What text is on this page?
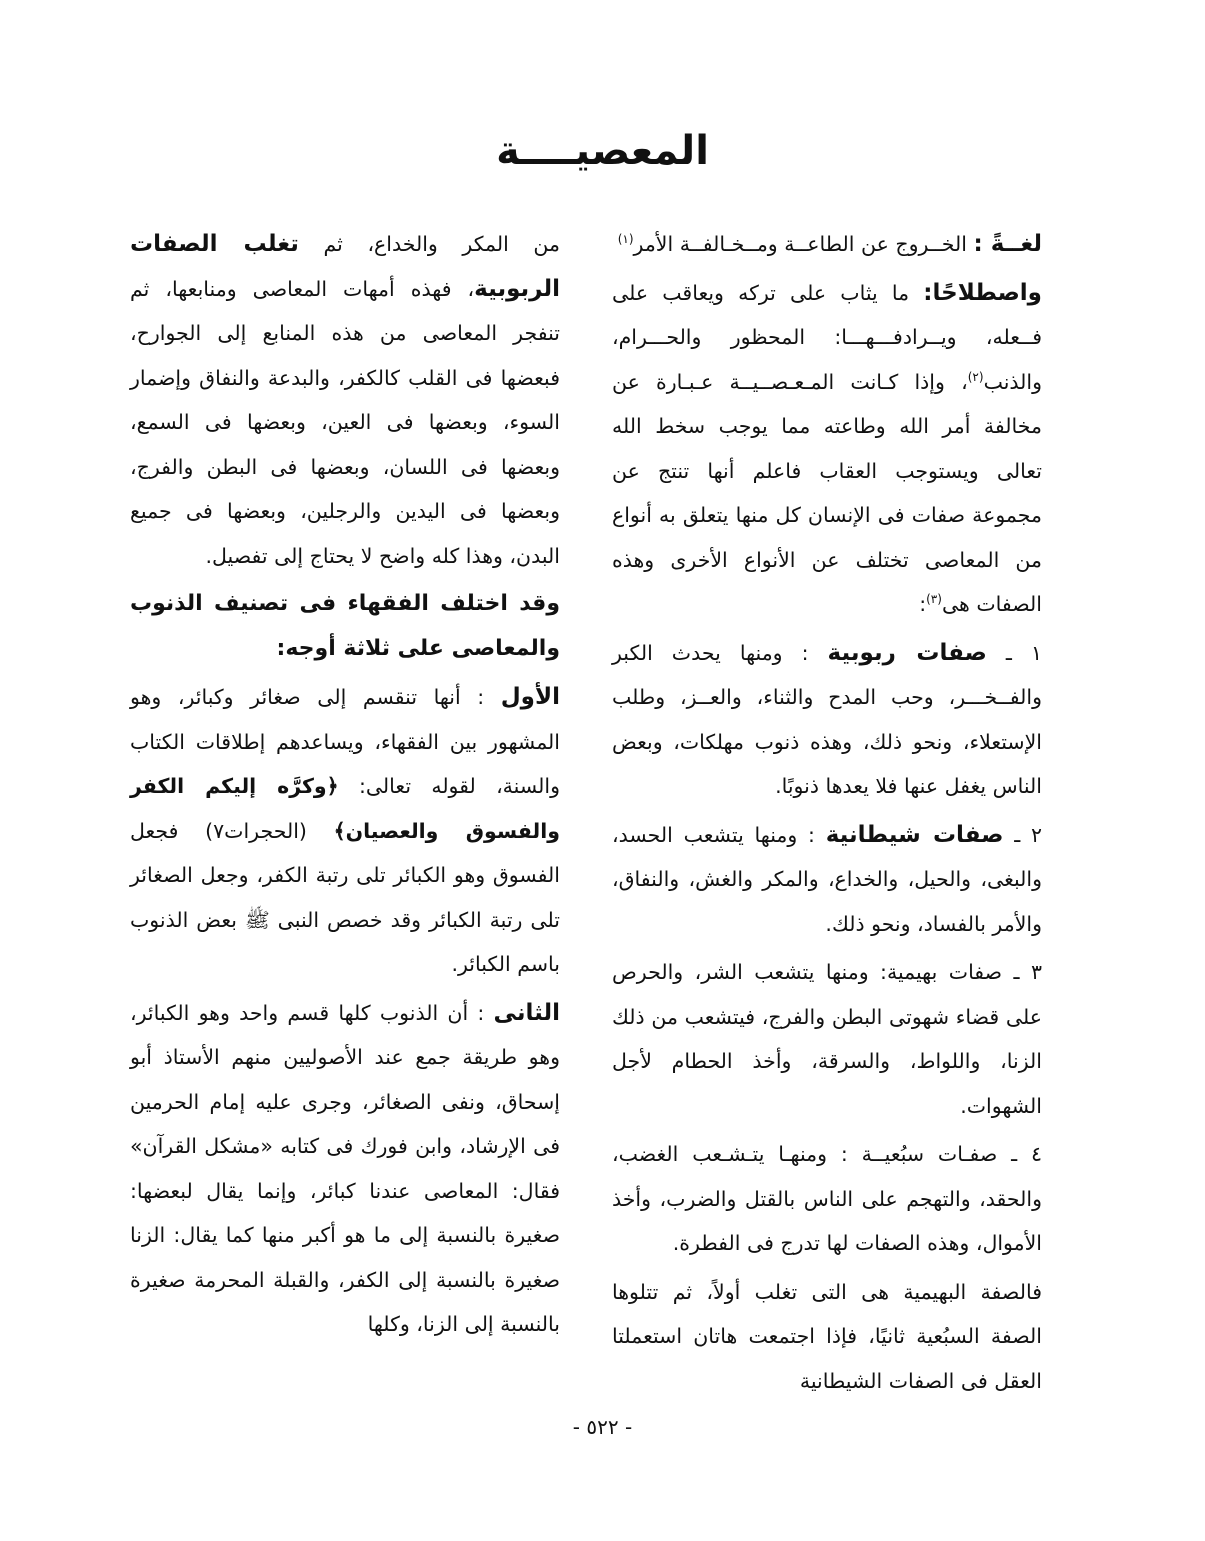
المعصيــــة

لغــةً : الخــروج عن الطاعــة ومــخـالفــة الأمر$^{(١)}$

واصطلاحًا: ما يثاب على تركه ويعاقب على فــعله، ويــرادفـــهـــا: المحظور والحـــرام، والذنب$^{(٢)}$، وإذا كـانت المـعـصــيــة عـبـارة عن مخالفة أمر الله وطاعته مما يوجب سخط الله تعالى ويستوجب العقاب فاعلم أنها تنتج عن مجموعة صفات فى الإنسان كل منها يتعلق به أنواع من المعاصى تختلف عن الأنواع الأخرى وهذه الصفات هى$^{(٣)}$:

١ ـ صفات ربوبية : ومنها يحدث الكبر والفــخـــر، وحب المدح والثناء، والعــز، وطلب الإستعلاء، ونحو ذلك، وهذه ذنوب مهلكات، وبعض الناس يغفل عنها فلا يعدها ذنوبًا.

٢ ـ صفات شيطانية : ومنها يتشعب الحسد، والبغى، والحيل، والخداع، والمكر والغش، والنفاق، والأمر بالفساد، ونحو ذلك.

٣ ـ صفات بهيمية: ومنها يتشعب الشر، والحرص على قضاء شهوتى البطن والفرج، فيتشعب من ذلك الزنا، واللواط، والسرقة، وأخذ الحطام لأجل الشهوات.

٤ ـ صفـات سبُعيــة : ومنهـا يتـشـعب الغضب، والحقد، والتهجم على الناس بالقتل والضرب، وأخذ الأموال، وهذه الصفات لها تدرج فى الفطرة.

فالصفة البهيمية هى التى تغلب أولاً، ثم تتلوها الصفة السبُعية ثانيًا، فإذا اجتمعت هاتان استعملتا العقل فى الصفات الشيطانية

من المكر والخداع، ثم تغلب الصفات الربوبية، فهذه أمهات المعاصى ومنابعها، ثم تنفجر المعاصى من هذه المنابع إلى الجوارح، فبعضها فى القلب كالكفر، والبدعة والنفاق وإضمار السوء، وبعضها فى العين، وبعضها فى السمع، وبعضها فى اللسان، وبعضها فى البطن والفرج، وبعضها فى اليدين والرجلين، وبعضها فى جميع البدن، وهذا كله واضح لا يحتاج إلى تفصيل.

وقد اختلف الفقهاء فى تصنيف الذنوب والمعاصى على ثلاثة أوجه:

الأول : أنها تنقسم إلى صغائر وكبائر، وهو المشهور بين الفقهاء، ويساعدهم إطلاقات الكتاب والسنة، لقوله تعالى: ﴿وكرَّه إليكم الكفر والفسوق والعصيان﴾ (الحجرات٧) فجعل الفسوق وهو الكبائر تلى رتبة الكفر، وجعل الصغائر تلى رتبة الكبائر وقد خصص النبى ﷺ بعض الذنوب باسم الكبائر.

الثانى : أن الذنوب كلها قسم واحد وهو الكبائر، وهو طريقة جمع عند الأصوليين منهم الأستاذ أبو إسحاق، ونفى الصغائر، وجرى عليه إمام الحرمين فى الإرشاد، وابن فورك فى كتابه «مشكل القرآن» فقال: المعاصى عندنا كبائر، وإنما يقال لبعضها: صغيرة بالنسبة إلى ما هو أكبر منها كما يقال: الزنا صغيرة بالنسبة إلى الكفر، والقبلة المحرمة صغيرة بالنسبة إلى الزنا، وكلها

- ٥٢٢ -
